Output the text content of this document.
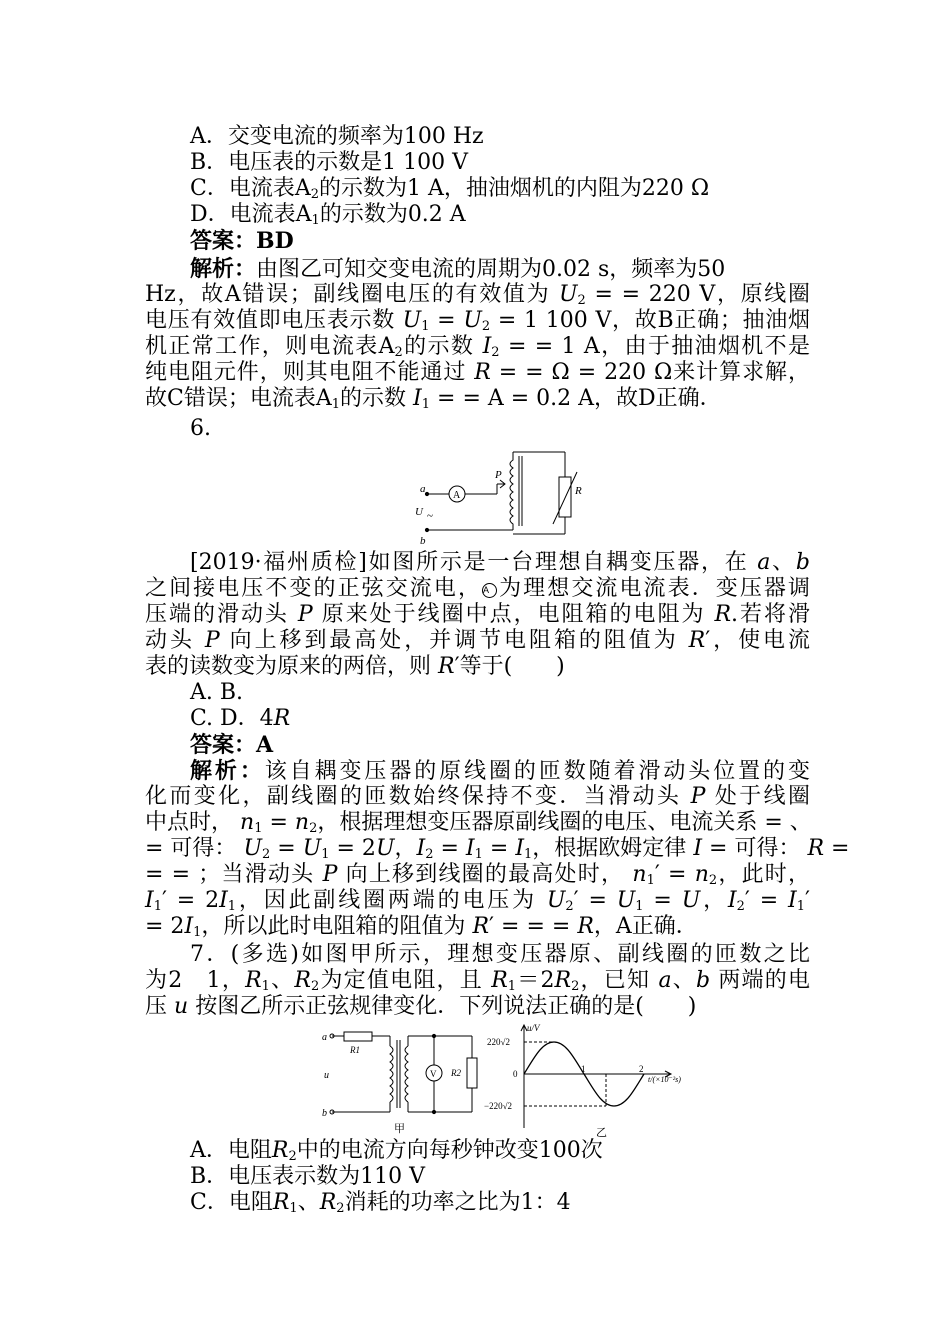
A．交变电流的频率为100 Hz
B．电压表的示数是1 100 V
C．电流表$A_2$的示数为1 A，抽油烟机的内阻为220 Ω
D．电流表$A_1$的示数为0.2 A
答案：BD
解析：由图乙可知交变电流的周期为0.02 s，频率为50
Hz，故A错误；副线圈电压的有效值为 $U_2$ = = 220 V，原线圈
电压有效值即电压表示数 $U_1 = U_2 = 1$ 100 V，故B正确；抽油烟
机正常工作，则电流表$A_2$的示数 $I_2$ = = 1 A，由于抽油烟机不是
纯电阻元件，则其电阻不能通过 R = = Ω = 220 Ω来计算求解，
故C错误；电流表$A_1$的示数 $I_1$ = = A = 0.2 A，故D正确．
6.
a
b
U ~
A
P
R
[2019·福州质检]如图所示是一台理想自耦变压器，在 a、b
之间接电压不变的正弦交流电，A 为理想交流电流表．变压器调
压端的滑动头 P 原来处于线圈中点，电阻箱的电阻为 R.若将滑
动头 P 向上移到最高处，并调节电阻箱的阻值为 R′，使电流
表的读数变为原来的两倍，则 R′等于(　　)
A. B.
C. D．4R
答案：A
解析：该自耦变压器的原线圈的匝数随着滑动头位置的变
化而变化，副线圈的匝数始终保持不变．当滑动头 P 处于线圈
中点时， $n_1 = n_2$，根据理想变压器原副线圈的电压、电流关系 = 、
= 可得： $U_2 = U_1 = 2U$，$I_2 = I_1 = I_1$，根据欧姆定律 I = 可得： R =
= = ；当滑动头 P 向上移到线圈的最高处时， $n_1' = n_2$，此时，
$I_1' = 2I_1$，因此副线圈两端的电压为 $U_2' = U_1 = U$，$I_2' = I_1'$
= $2I_1$，所以此时电阻箱的阻值为 R′ = = = R，A正确．
7．(多选)如图甲所示，理想变压器原、副线圈的匝数之比
为2　1，$R_1$、$R_2$为定值电阻，且 $R_1=2R_2$，已知 a、b 两端的电
压 u 按图乙所示正弦规律变化．下列说法正确的是(　　)
a
b
u
R1
V R2
甲
u/V
220√2
0
−220√2
1	2
t/(×10⁻²s)
乙
A．电阻$R_2$中的电流方向每秒钟改变100次
B．电压表示数为110 V
C．电阻$R_1$、$R_2$消耗的功率之比为1：4
